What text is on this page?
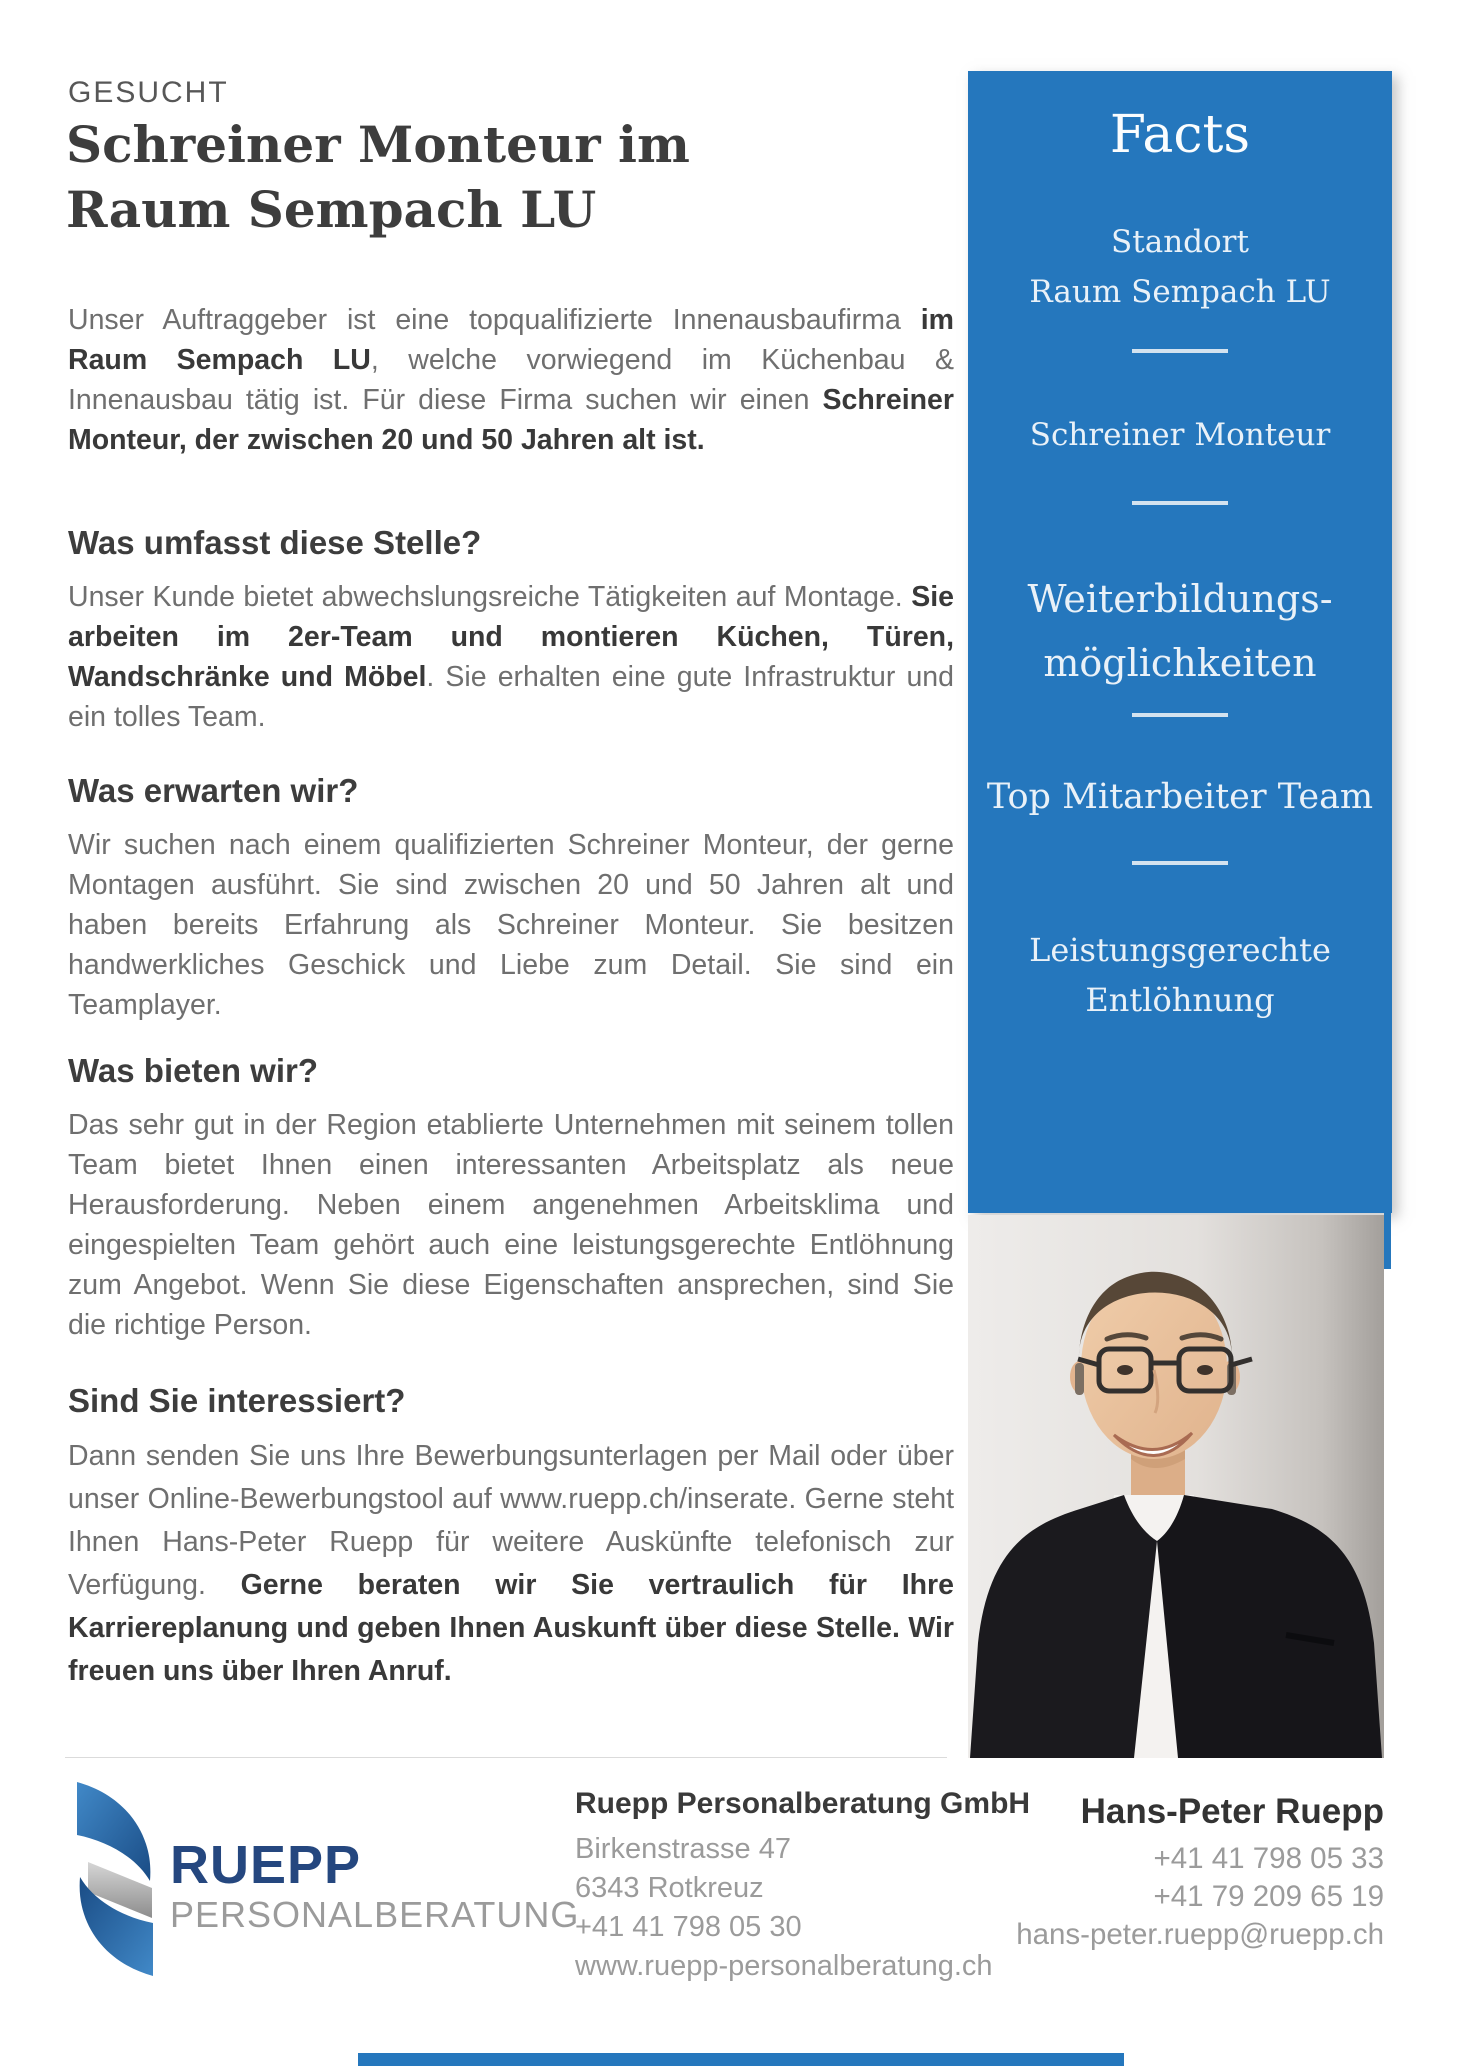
GESUCHT
Schreiner Monteur im Raum Sempach LU

Unser Auftraggeber ist eine topqualifizierte Innenausbaufirma im Raum Sempach LU, welche vorwiegend im Küchenbau & Innenausbau tätig ist. Für diese Firma suchen wir einen Schreiner Monteur, der zwischen 20 und 50 Jahren alt ist.

Was umfasst diese Stelle?

Unser Kunde bietet abwechslungsreiche Tätigkeiten auf Montage. Sie arbeiten im 2er-Team und montieren Küchen, Türen, Wandschränke und Möbel. Sie erhalten eine gute Infrastruktur und ein tolles Team.

Was erwarten wir?

Wir suchen nach einem qualifizierten Schreiner Monteur, der gerne Montagen ausführt. Sie sind zwischen 20 und 50 Jahren alt und haben bereits Erfahrung als Schreiner Monteur. Sie besitzen handwerkliches Geschick und Liebe zum Detail. Sie sind ein Teamplayer.

Was bieten wir?

Das sehr gut in der Region etablierte Unternehmen mit seinem tollen Team bietet Ihnen einen interessanten Arbeitsplatz als neue Herausforderung. Neben einem angenehmen Arbeitsklima und eingespielten Team gehört auch eine leistungsgerechte Entlöhnung zum Angebot. Wenn Sie diese Eigenschaften ansprechen, sind Sie die richtige Person.

Sind Sie interessiert?

Dann senden Sie uns Ihre Bewerbungsunterlagen per Mail oder über unser Online-Bewerbungstool auf www.ruepp.ch/inserate. Gerne steht Ihnen Hans-Peter Ruepp für weitere Auskünfte telefonisch zur Verfügung. Gerne beraten wir Sie vertraulich für Ihre Karriereplanung und geben Ihnen Auskunft über diese Stelle. Wir freuen uns über Ihren Anruf.

Facts
Standort
Raum Sempach LU
Schreiner Monteur
Weiterbildungs-
möglichkeiten
Top Mitarbeiter Team
Leistungsgerechte
Entlöhnung
RUEPP
PERSONALBERATUNG
Ruepp Personalberatung GmbH
Birkenstrasse 47
6343 Rotkreuz
+41 41 798 05 30
www.ruepp-personalberatung.ch
Hans-Peter Ruepp
+41 41 798 05 33
+41 79 209 65 19
hans-peter.ruepp@ruepp.ch
